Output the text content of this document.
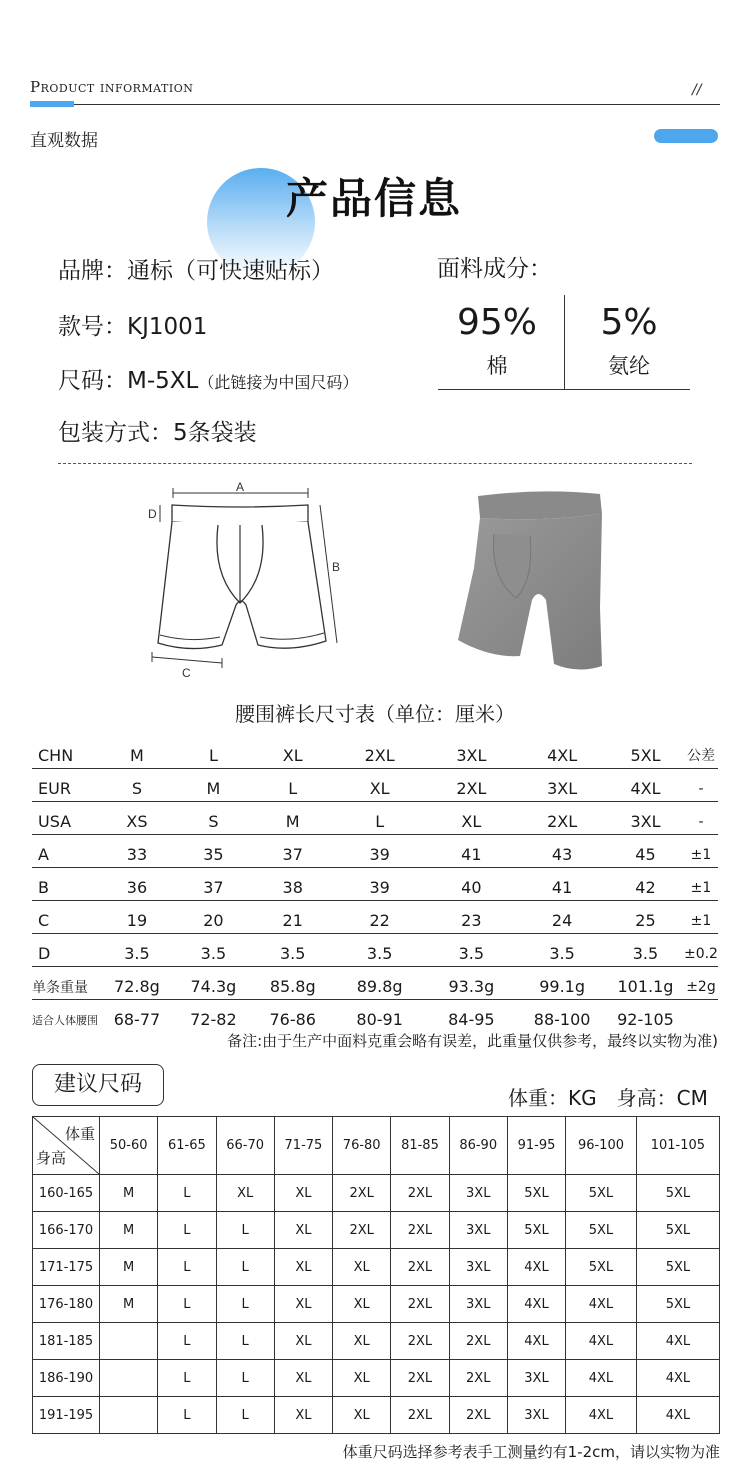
Product information	//
直观数据
产品信息
品牌：通标（可快速贴标）
款号：KJ1001
尺码：M-5XL（此链接为中国尺码）
包装方式：5条袋装
面料成分：
95%
棉
5%
氨纶
A
D
B
C
腰围裤长尺寸表（单位：厘米）
CHN	M	L	XL	2XL	3XL	4XL	5XL	公差	
EUR	S	M	L	XL	2XL	3XL	4XL	-	
USA	XS	S	M	L	XL	2XL	3XL	-	
A	33	35	37	39	41	43	45	±1	
B	36	37	38	39	40	41	42	±1	
C	19	20	21	22	23	24	25	±1	
D	3.5	3.5	3.5	3.5	3.5	3.5	3.5	±0.2	
单条重量	72.8g	74.3g	85.8g	89.8g	93.3g	99.1g	101.1g	±2g	
适合人体腰围	68-77	72-82	76-86	80-91	84-95	88-100	92-105		
备注:由于生产中面料克重会略有误差，此重量仅供参考，最终以实物为准)
建议尺码
体重：KG　身高：CM
体重
身高	50-60	61-65	66-70	71-75	76-80	81-85	86-90	91-95	96-100	101-105
160-165	M	L	XL	XL	2XL	2XL	3XL	5XL	5XL	5XL
166-170	M	L	L	XL	2XL	2XL	3XL	5XL	5XL	5XL
171-175	M	L	L	XL	XL	2XL	3XL	4XL	5XL	5XL
176-180	M	L	L	XL	XL	2XL	3XL	4XL	4XL	5XL
181-185		L	L	XL	XL	2XL	2XL	4XL	4XL	4XL
186-190		L	L	XL	XL	2XL	2XL	3XL	4XL	4XL
191-195		L	L	XL	XL	2XL	2XL	3XL	4XL	4XL
体重尺码选择参考表手工测量约有1-2cm，请以实物为准
